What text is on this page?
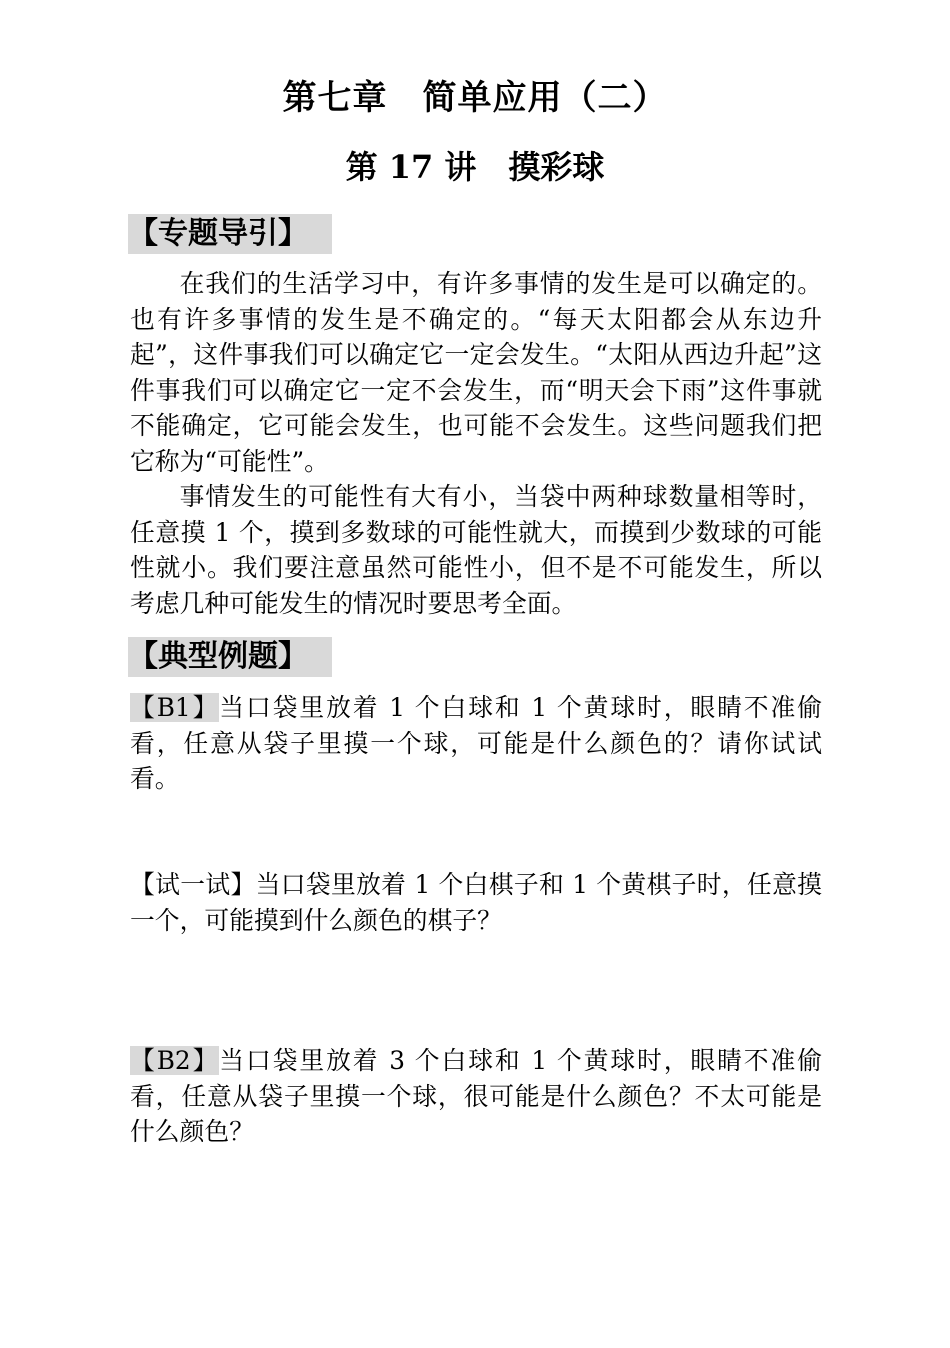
第七章　简单应用（二）
第 17 讲　摸彩球
【专题导引】

在我们的生活学习中，有许多事情的发生是可以确定的。也有许多事情的发生是不确定的。“每天太阳都会从东边升起”，这件事我们可以确定它一定会发生。“太阳从西边升起”这件事我们可以确定它一定不会发生，而“明天会下雨”这件事就不能确定，它可能会发生，也可能不会发生。这些问题我们把它称为“可能性”。

事情发生的可能性有大有小，当袋中两种球数量相等时，任意摸 1 个，摸到多数球的可能性就大，而摸到少数球的可能性就小。我们要注意虽然可能性小，但不是不可能发生，所以考虑几种可能发生的情况时要思考全面。

【典型例题】

【B1】当口袋里放着 1 个白球和 1 个黄球时，眼睛不准偷看，任意从袋子里摸一个球，可能是什么颜色的？请你试试看。

【试一试】当口袋里放着 1 个白棋子和 1 个黄棋子时，任意摸一个，可能摸到什么颜色的棋子？

【B2】当口袋里放着 3 个白球和 1 个黄球时，眼睛不准偷看，任意从袋子里摸一个球，很可能是什么颜色？不太可能是什么颜色？
